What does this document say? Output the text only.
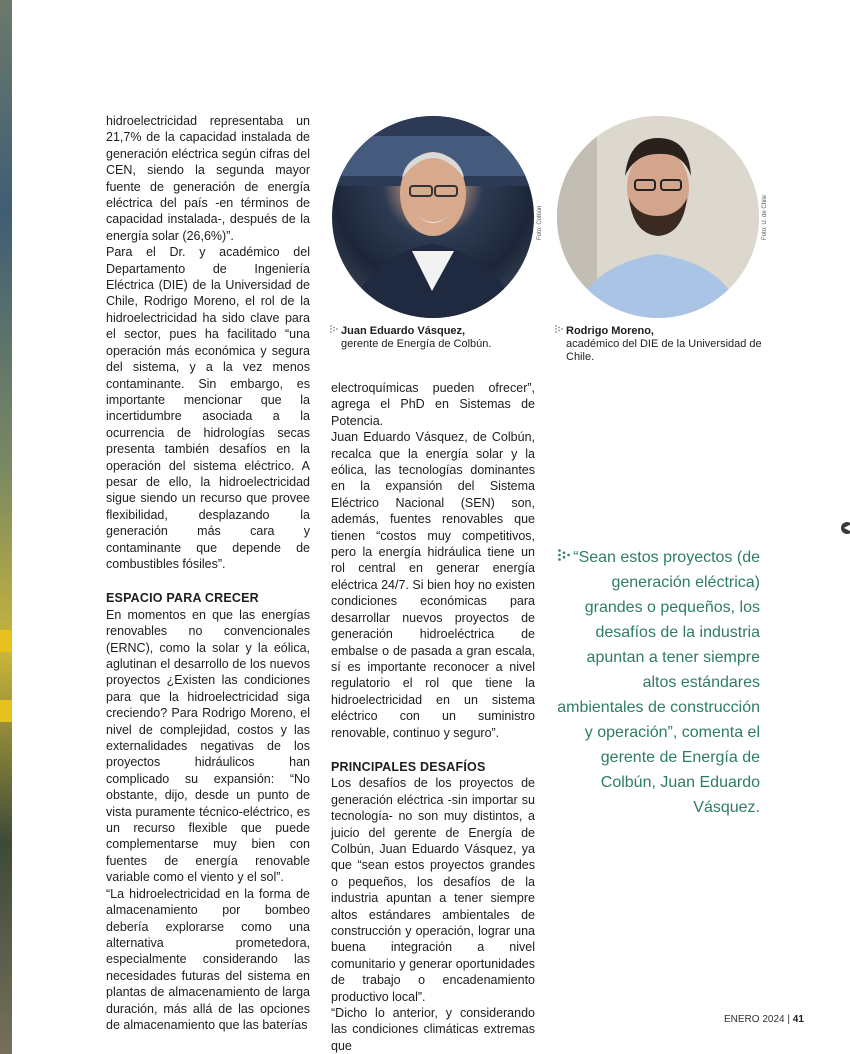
hidroelectricidad representaba un 21,7% de la capacidad instalada de generación eléctrica según cifras del CEN, siendo la segunda mayor fuente de generación de energía eléctrica del país -en términos de capacidad instalada-, después de la energía solar (26,6%)”.

Para el Dr. y académico del Departamento de Ingeniería Eléctrica (DIE) de la Universidad de Chile, Rodrigo Moreno, el rol de la hidroelectricidad ha sido clave para el sector, pues ha facilitado “una operación más económica y segura del sistema, y a la vez menos contaminante. Sin embargo, es importante mencionar que la incertidumbre asociada a la ocurrencia de hidrologías secas presenta también desafíos en la operación del sistema eléctrico. A pesar de ello, la hidroelectricidad sigue siendo un recurso que provee flexibilidad, desplazando la generación más cara y contaminante que depende de combustibles fósiles”.

ESPACIO PARA CRECER

En momentos en que las energías renovables no convencionales (ERNC), como la solar y la eólica, aglutinan el desarrollo de los nuevos proyectos ¿Existen las condiciones para que la hidroelectricidad siga creciendo? Para Rodrigo Moreno, el nivel de complejidad, costos y las externalidades negativas de los proyectos hidráulicos han complicado su expansión: “No obstante, dijo, desde un punto de vista puramente técnico-eléctrico, es un recurso flexible que puede complementarse muy bien con fuentes de energía renovable variable como el viento y el sol”.

“La hidroelectricidad en la forma de almacenamiento por bombeo debería explorarse como una alternativa prometedora, especialmente considerando las necesidades futuras del sistema en plantas de almacenamiento de larga duración, más allá de las opciones de almacenamiento que las baterías

electroquímicas pueden ofrecer”, agrega el PhD en Sistemas de Potencia.

Juan Eduardo Vásquez, de Colbún, recalca que la energía solar y la eólica, las tecnologías dominantes en la expansión del Sistema Eléctrico Nacional (SEN) son, además, fuentes renovables que tienen “costos muy competitivos, pero la energía hidráulica tiene un rol central en generar energía eléctrica 24/7. Si bien hoy no existen condiciones económicas para desarrollar nuevos proyectos de generación hidroeléctrica de embalse o de pasada a gran escala, sí es importante reconocer a nivel regulatorio el rol que tiene la hidroelectricidad en un sistema eléctrico con un suministro renovable, continuo y seguro”.

PRINCIPALES DESAFÍOS

Los desafíos de los proyectos de generación eléctrica -sin importar su tecnología- no son muy distintos, a juicio del gerente de Energía de Colbún, Juan Eduardo Vásquez, ya que “sean estos proyectos grandes o pequeños, los desafíos de la industria apuntan a tener siempre altos estándares ambientales de construcción y operación, lograr una buena integración a nivel comunitario y generar oportunidades de trabajo o encadenamiento productivo local”.

“Dicho lo anterior, y considerando las condiciones climáticas extremas que

Foto: Colbún	Foto: U. de Chile
Juan Eduardo Vásquez,
gerente de Energía de Colbún.
Rodrigo Moreno,
académico del DIE de la Universidad de Chile.
“Sean estos proyectos (de generación eléctrica) grandes o pequeños, los desafíos de la industria apuntan a tener siempre altos estándares ambientales de construcción y operación”, comenta el gerente de Energía de Colbún, Juan Eduardo Vásquez.
◀
ENERO 2024 | 41
